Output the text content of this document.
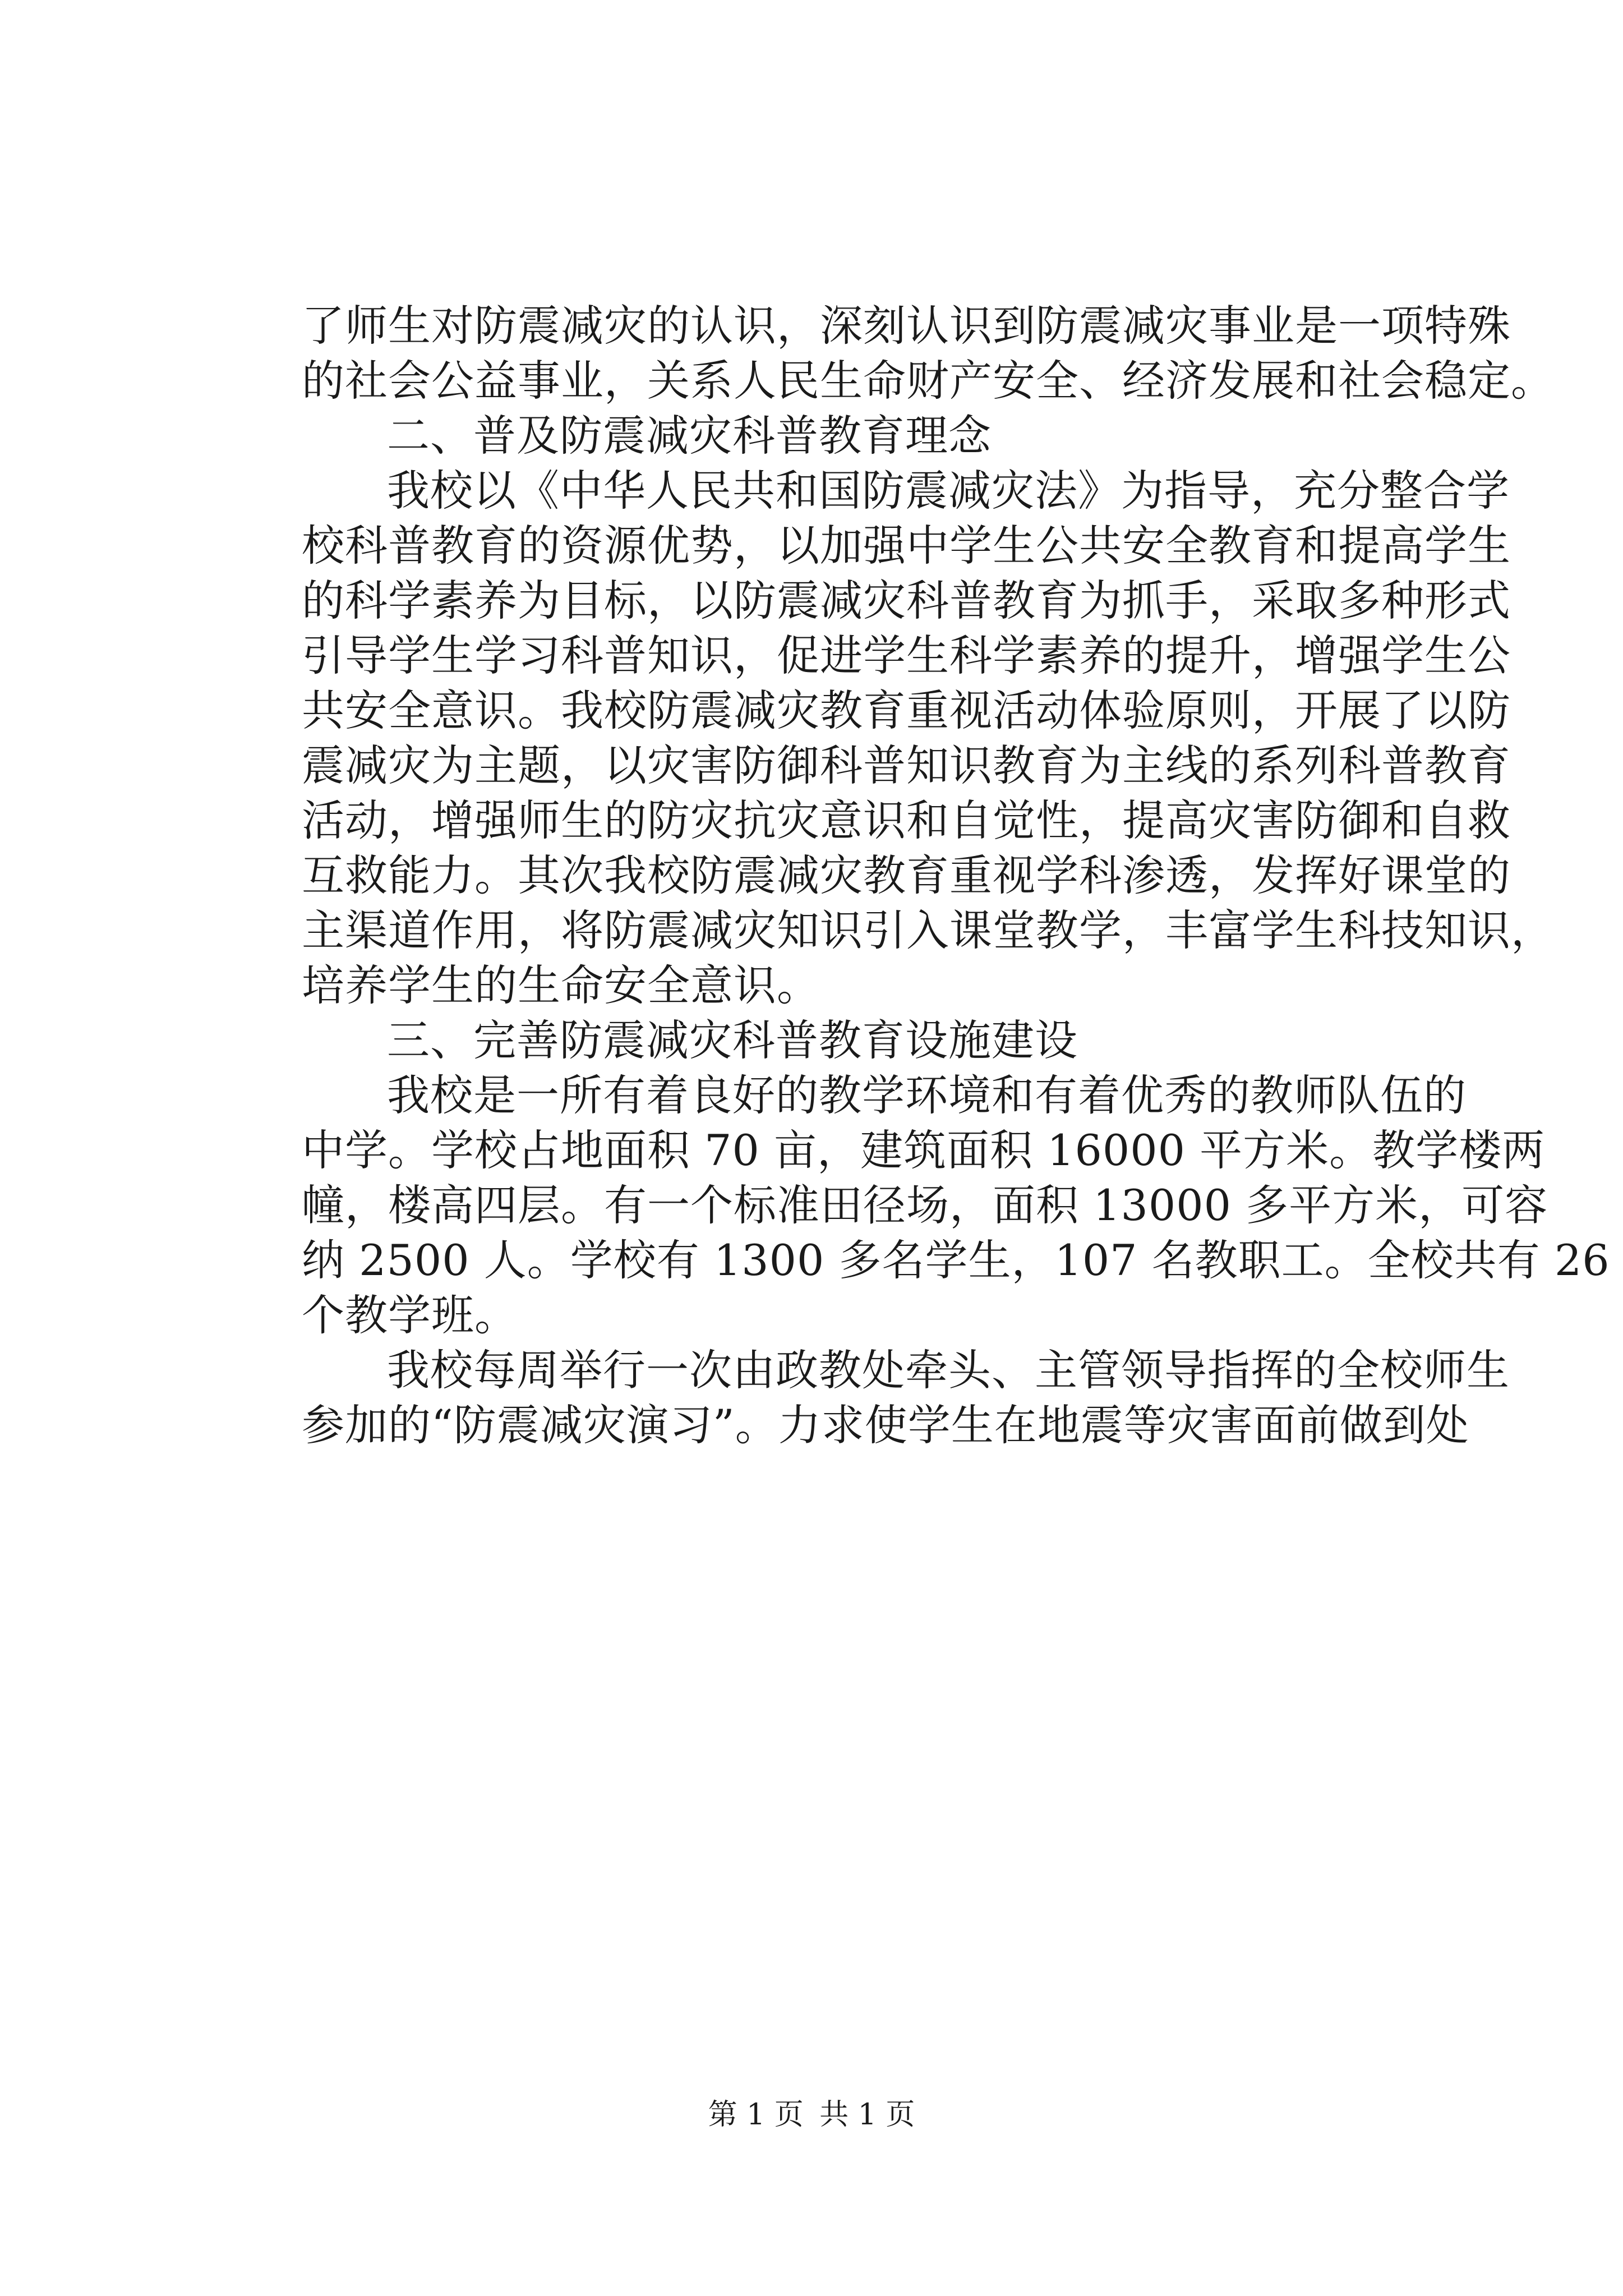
了师生对防震减灾的认识，深刻认识到防震减灾事业是一项特殊
的社会公益事业，关系人民生命财产安全、经济发展和社会稳定。
二、普及防震减灾科普教育理念
我校以《中华人民共和国防震减灾法》为指导，充分整合学
校科普教育的资源优势，以加强中学生公共安全教育和提高学生
的科学素养为目标，以防震减灾科普教育为抓手，采取多种形式
引导学生学习科普知识，促进学生科学素养的提升，增强学生公
共安全意识。我校防震减灾教育重视活动体验原则，开展了以防
震减灾为主题，以灾害防御科普知识教育为主线的系列科普教育
活动，增强师生的防灾抗灾意识和自觉性，提高灾害防御和自救
互救能力。其次我校防震减灾教育重视学科渗透，发挥好课堂的
主渠道作用，将防震减灾知识引入课堂教学，丰富学生科技知识，
培养学生的生命安全意识。
三、完善防震减灾科普教育设施建设
我校是一所有着良好的教学环境和有着优秀的教师队伍的
中学。学校占地面积 70 亩，建筑面积 16000 平方米。教学楼两
幢，楼高四层。有一个标准田径场，面积 13000 多平方米，可容
纳 2500 人。学校有 1300 多名学生，107 名教职工。全校共有 26
个教学班。
我校每周举行一次由政教处牵头、主管领导指挥的全校师生
参加的“防震减灾演习”。力求使学生在地震等灾害面前做到处
第 1 页 共 1 页
